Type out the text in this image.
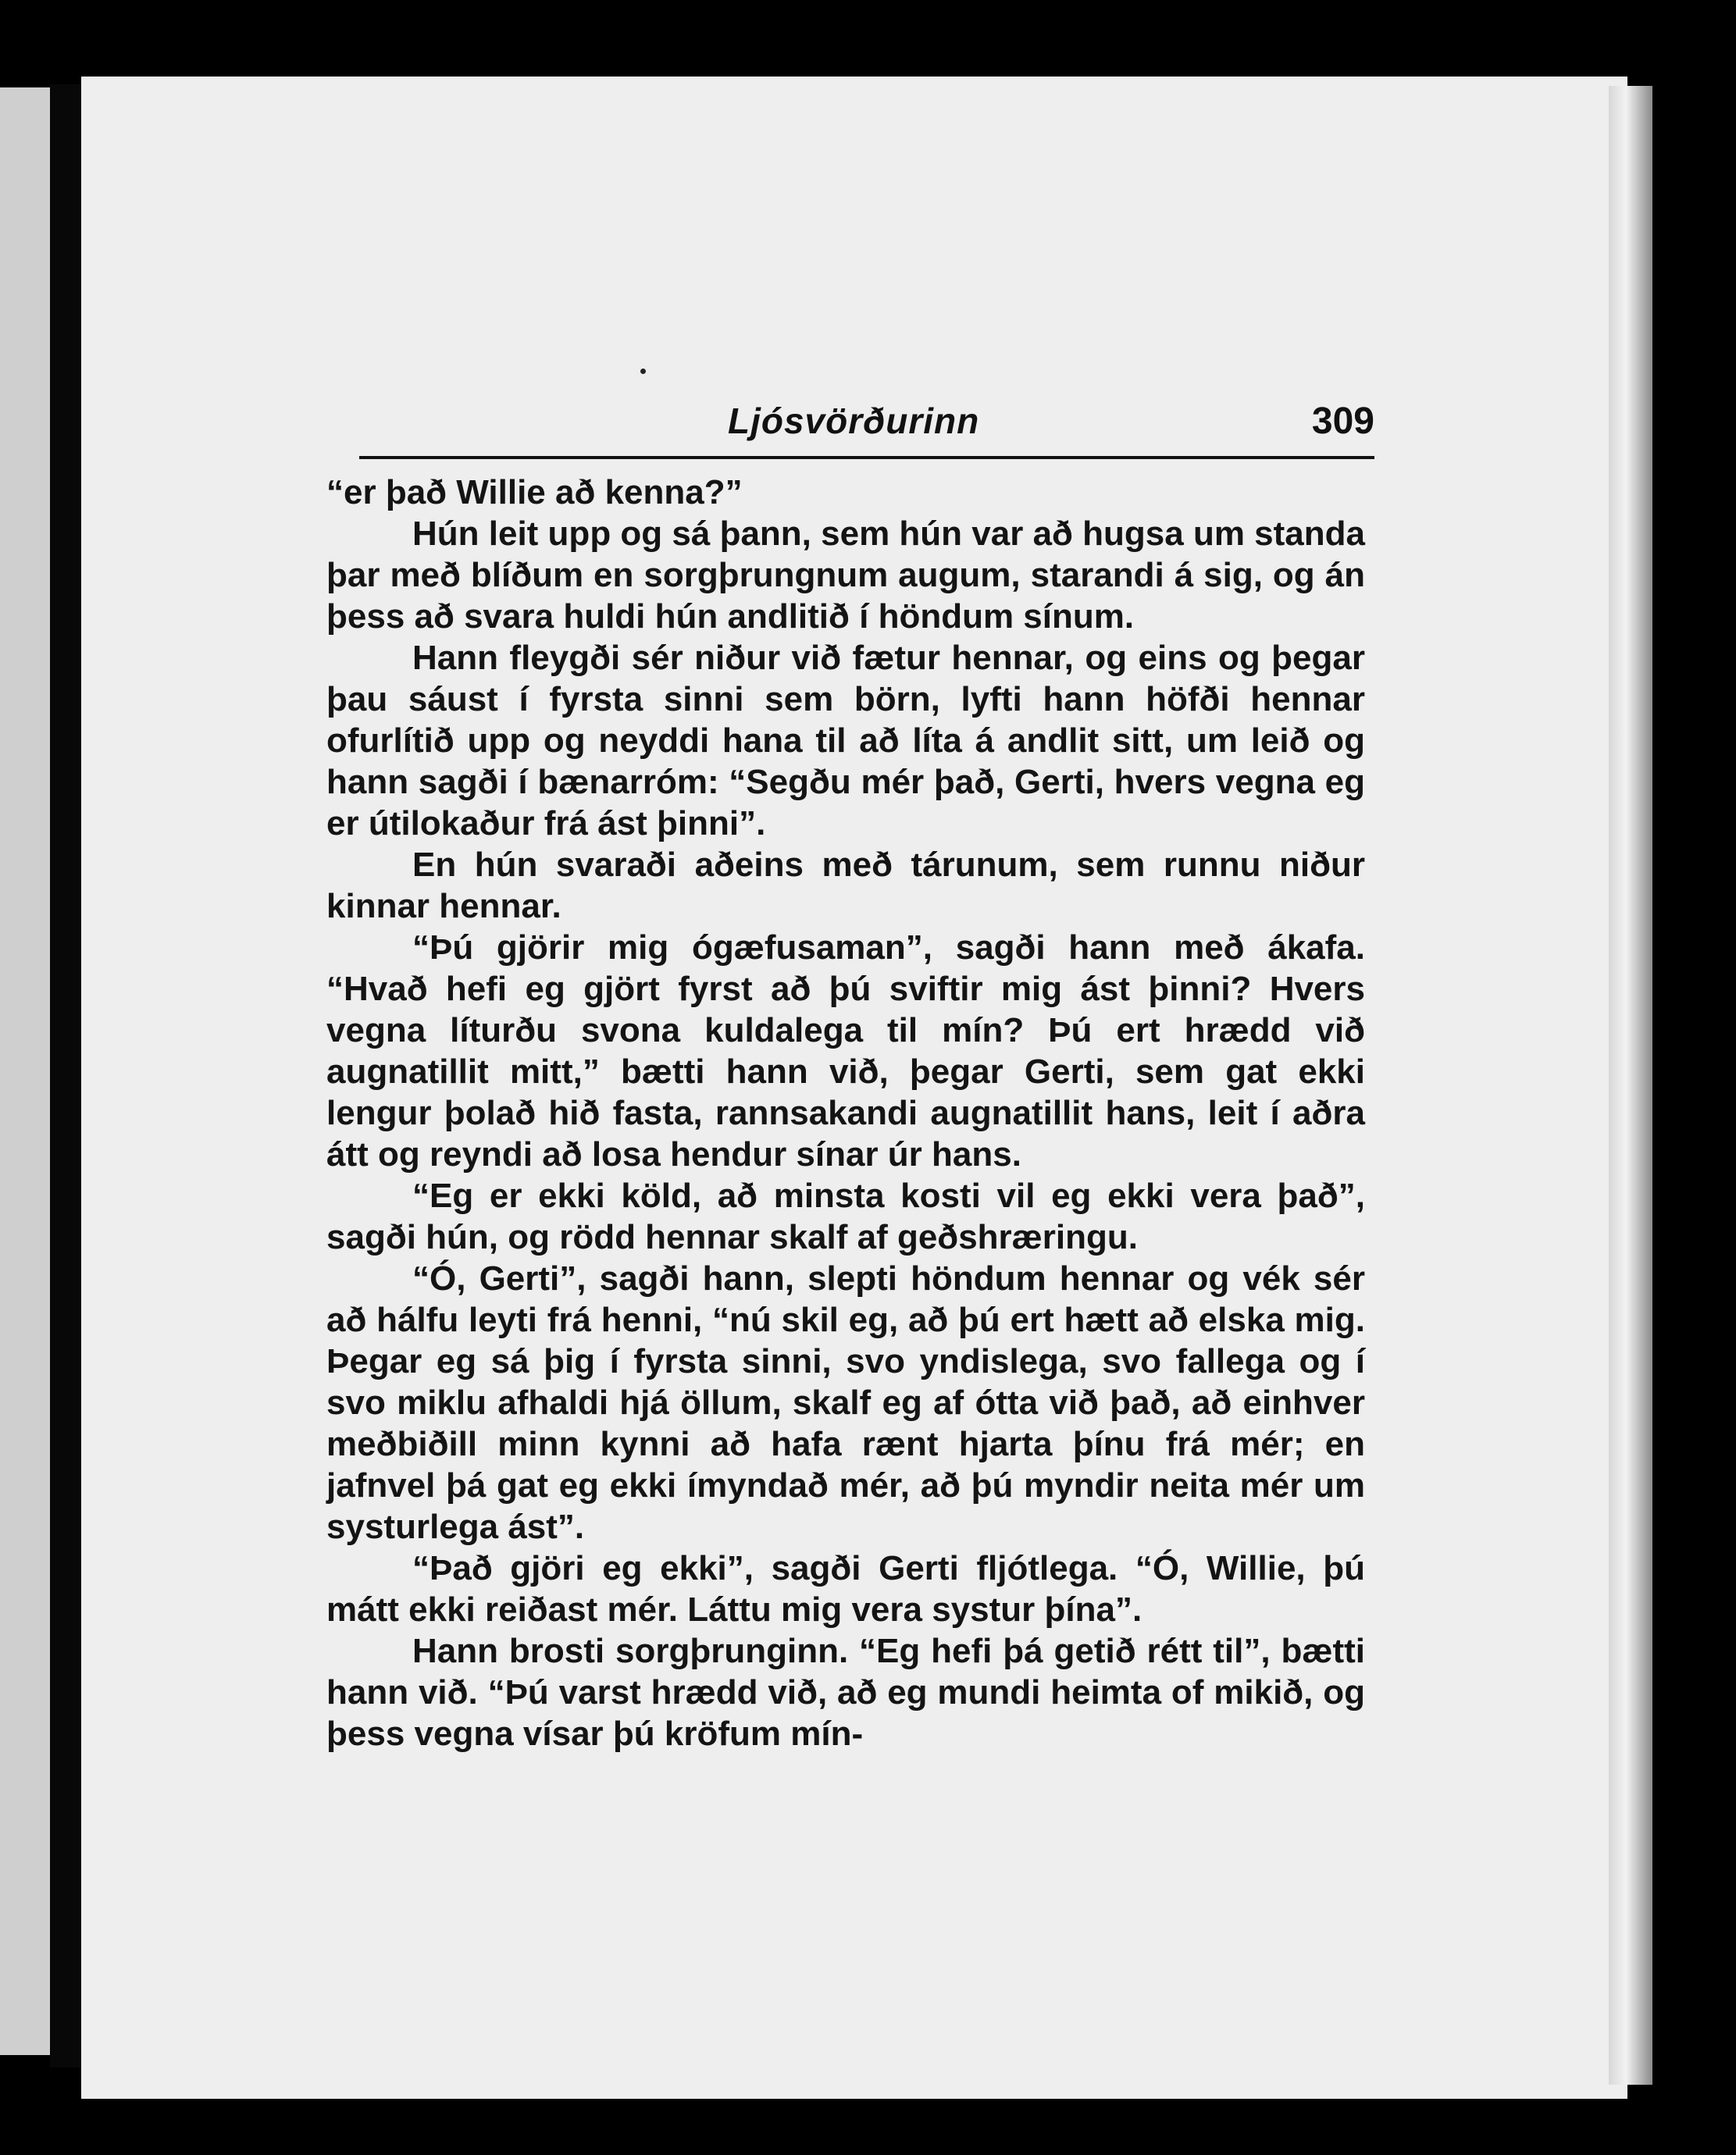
Ljósvörðurinn	309

“er það Willie að kenna?”

Hún leit upp og sá þann, sem hún var að hugsa um standa þar með blíðum en sorgþrungnum augum, starandi á sig, og án þess að svara huldi hún andlitið í höndum sínum.

Hann fleygði sér niður við fætur hennar, og eins og þegar þau sáust í fyrsta sinni sem börn, lyfti hann höfði hennar ofurlítið upp og neyddi hana til að líta á andlit sitt, um leið og hann sagði í bænarróm: “Segðu mér það, Gerti, hvers vegna eg er útilokaður frá ást þinni”.

En hún svaraði aðeins með tárunum, sem runnu niður kinnar hennar.

“Þú gjörir mig ógæfusaman”, sagði hann með ákafa. “Hvað hefi eg gjört fyrst að þú sviftir mig ást þinni? Hvers vegna líturðu svona kuldalega til mín? Þú ert hrædd við augnatillit mitt,” bætti hann við, þegar Gerti, sem gat ekki lengur þolað hið fasta, rannsakandi augnatillit hans, leit í aðra átt og reyndi að losa hendur sínar úr hans.

“Eg er ekki köld, að minsta kosti vil eg ekki vera það”, sagði hún, og rödd hennar skalf af geðshræringu.

“Ó, Gerti”, sagði hann, slepti höndum hennar og vék sér að hálfu leyti frá henni, “nú skil eg, að þú ert hætt að elska mig. Þegar eg sá þig í fyrsta sinni, svo yndislega, svo fallega og í svo miklu afhaldi hjá öllum, skalf eg af ótta við það, að einhver meðbiðill minn kynni að hafa rænt hjarta þínu frá mér; en jafnvel þá gat eg ekki ímyndað mér, að þú myndir neita mér um systurlega ást”.

“Það gjöri eg ekki”, sagði Gerti fljótlega. “Ó, Willie, þú mátt ekki reiðast mér. Láttu mig vera systur þína”.

Hann brosti sorgþrunginn. “Eg hefi þá getið rétt til”, bætti hann við. “Þú varst hrædd við, að eg mundi heimta of mikið, og þess vegna vísar þú kröfum mín-
